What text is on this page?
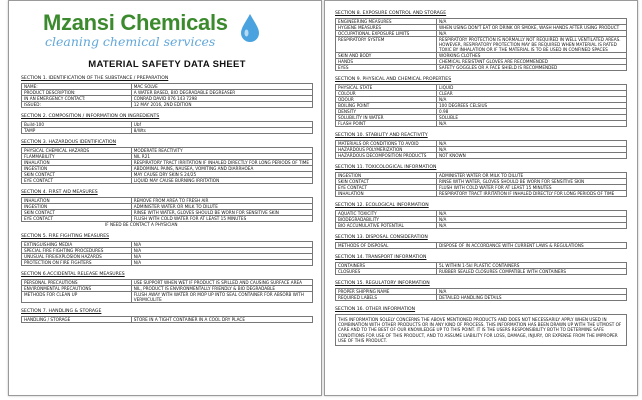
Mzansi Chemicals
cleaning chemical services
MATERIAL SAFETY DATA SHEET
SECTION 1. IDENTIFICATION OF THE SUBSTANCE / PREPARATION
NAME:	MAC SOLVE
PRODUCT DESCRIPTION:	A WATER BASED, BIO DEGRADABLE DEGREASER
IN AN EMERGENCY CONTACT:	CONRAD DAVID 076 143 7298
ISSUED:	12 MAY 2016, 2ND EDITION
SECTION 2. COMPOSITION / INFORMATION ON INGREDIENTS
Build-100	Ubf
TAMP	8/Wts
SECTION 3. HAZARDOUS IDENTIFICATION
PHYSICAL CHEMICAL HAZARDS	MODERATE REACTIVITY
FLAMMABILITY	NIL R21
INHALATION	RESPIRATORY TRACT IRRITATION IF INHALED DIRECTLY FOR LONG PERIODS OF TIME
INGESTION	ABDOMINAL PAINS, NAUSEA, VOMITING AND DIARRHOEA
SKIN CONTACT	MAY CAUSE DRY SKIN S 24/25
EYE CONTACT	LIQUID MAY CAUSE BURNING IRRITATION
SECTION 4. FIRST AID MEASURES
INHALATION	REMOVE FROM AREA TO FRESH AIR
INGESTION	ADMINISTER WATER OR MILK TO DILUTE
SKIN CONTACT	RINSE WITH WATER, GLOVES SHOULD BE WORN FOR SENSITIVE SKIN
EYE CONTACT	FLUSH WITH COLD WATER FOR AT LEAST 15 MINUTES
IF NEED BE CONTACT A PHYSICIAN
SECTION 5. FIRE FIGHTING MEASURES
EXTINGUISHING MEDIA	N/A
SPECIAL FIRE FIGHTING PROCEDURES	N/A
UNUSUAL FIRE/EXPLOSION HAZARDS	N/A
PROTECTION ON FIRE FIGHTERS	N/A
SECTION 6.ACCIDENTAL RELEASE MEASURES
PERSONAL PRECAUTIONS	USE SUPPORT WHEN WET IF PRODUCT IS SPILLED AND CAUSING SURFACE AREA
ENVIRONMENTAL PRECAUTIONS	NIL, PRODUCT IS ENVIRONMENTALLY FRIENDLY & BIO DEGRADABLE
METHODS FOR CLEAN UP	FLUSH AWAY WITH WATER OR MOP UP INTO SEAL CONTAINER FOR ABSORB WITH VERMICULITE
SECTION 7. HANDLING & STORAGE
HANDLING / STORAGE	STORE IN A TIGHT CONTAINER IN A COOL DRY PLACE
SECTION 8. EXPOSURE CONTROL AND STORAGE
ENGINEERING MEASURES	N/A
HYGIENE MEASURES	WHEN USING DON'T EAT OR DRINK OR SMOKE, WASH HANDS AFTER USING PRODUCT
OCCUPATIONAL EXPOSURE LIMITS	N/A
RESPIRATORY SYSTEM	RESPIRATORY PROTECTION IS NORMALLY NOT REQUIRED IN WELL VENTILATED AREAS. HOWEVER, RESPIRATORY PROTECTION MAY BE REQUIRED WHEN MATERIAL IS RATED TOXIC BY INHALATION OR IF THE MATERIAL IS TO BE USED IN CONFINED SPACES
SKIN AND BODY	WORKING CLOTHES
HANDS	CHEMICAL RESISTANT GLOVES ARE RECOMMENDED
EYES	SAFETY GOGGLES OR A FACE SHIELD IS RECOMMENDED
SECTION 9. PHYSICAL AND CHEMICAL PROPERTIES
PHYSICAL STATE	LIQUID
COLOUR	CLEAR
ODOUR	N/A
BOILING POINT	100 DEGREES CELSIUS
DENSITY	0.98
SOLUBILITY IN WATER	SOLUBLE
FLASH POINT	N/A
SECTION 10. STABILITY AND REACTIVITY
MATERIALS OR CONDITIONS TO AVOID	N/A
HAZARDOUS POLYMERIZATION	N/A
HAZARDOUS DECOMPOSITION PRODUCTS	NOT KNOWN
SECTION 11. TOXICOLOGICAL INFORMATION
INGESTION	ADMINISTER WATER OR MILK TO DILUTE
SKIN CONTACT	RINSE WITH WATER, GLOVES SHOULD BE WORN FOR SENSITIVE SKIN
EYE CONTACT	FLUSH WITH COLD WATER FOR AT LEAST 15 MINUTES
INHALATION	RESPIRATORY TRACT IRRITATION IF INHALED DIRECTLY FOR LONG PERIODS OF TIME
SECTION 12. ECOLOGICAL INFORMATION
AQUATIC TOXICITY	N/A
BIODEGRADABILITY	N/A
BIO ACCUMULATIVE POTENTIAL	N/A
SECTION 13. DISPOSAL CONSIDERATION
METHODS OF DISPOSAL	DISPOSE OF IN ACCORDANCE WITH CURRENT LAWS & REGULATIONS
SECTION 14. TRANSPORT INFORMATION
CONTAINERS	5L WITHIN 1-5kl PLASTIC CONTAINERS
CLOSURES	RUBBER SEALED CLOSURES COMPATIBLE WITH CONTAINERS
SECTION 15. REGULATORY INFORMATION
PROPER SHIPPING NAME	N/A
REQUIRED LABELS	DETAILED HANDLING DETAILS
SECTION 16. OTHER INFORMATION
THIS INFORMATION SOLELY CONCERNS THE ABOVE MENTIONED PRODUCTS AND DOES NOT NECESSARILY APPLY WHEN USED IN COMBINATION WITH OTHER PRODUCTS OR IN ANY KIND OF PROCESS. THIS INFORMATION HAS BEEN DRAWN UP WITH THE UTMOST OF CARE AND TO THE BEST OF OUR KNOWLEDGE UP TO THIS POINT. IT IS THE USERS RESPONSIBILITY BOTH TO DETERMINE SAFE CONDITIONS FOR USE OF THIS PRODUCT, AND TO ASSUME LIABILITY FOR LOSS, DAMAGE, INJURY, OR EXPENSE FROM THE IMPROPER USE OF THIS PRODUCT.
